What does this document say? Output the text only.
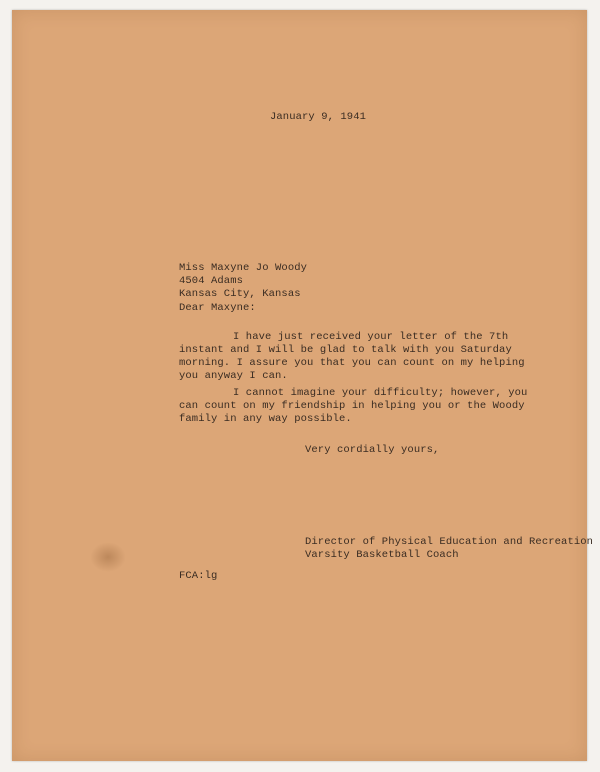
January 9, 1941
Miss Maxyne Jo Woody
4504 Adams
Kansas City, Kansas
Dear Maxyne:
I have just received your letter of the 7th
instant and I will be glad to talk with you Saturday
morning. I assure you that you can count on my helping
you anyway I can.
I cannot imagine your difficulty; however, you
can count on my friendship in helping you or the Woody
family in any way possible.
Very cordially yours,
Director of Physical Education and Recreation
Varsity Basketball Coach
FCA:lg
